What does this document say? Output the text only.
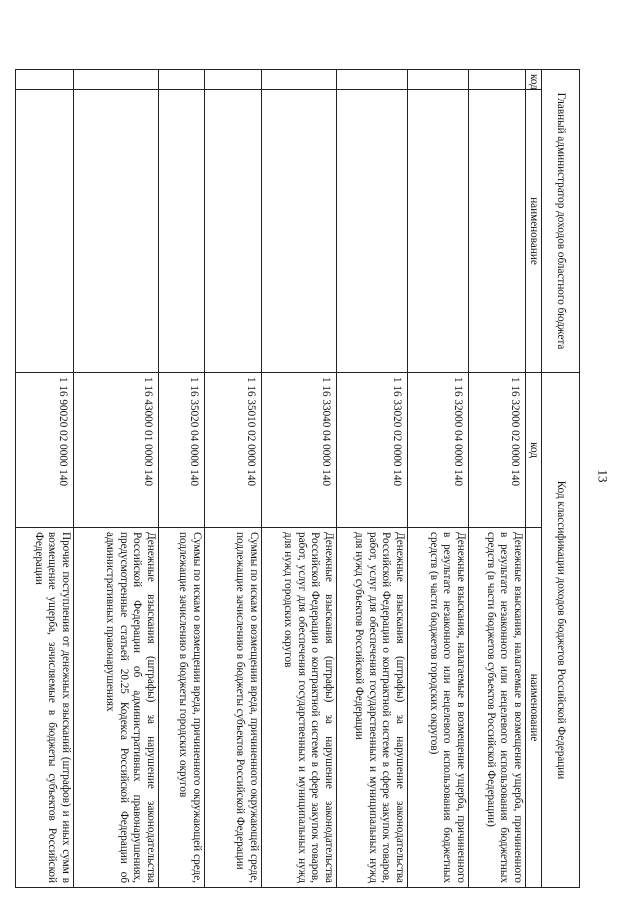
13
Главный администратор доходов областного бюджета		Код классификации доходов бюджетов Российской Федерации	
код	наименование	код	наименование
		1 16 32000 02 0000 140	Денежные взыскания, налагаемые в возмещение ущерба, причиненного в результате незаконного или нецелевого использования бюджетных средств (в части бюджетов субъектов Российской Федерации)
		1 16 32000 04 0000 140	Денежные взыскания, налагаемые в возмещение ущерба, причиненного в результате незаконного или нецелевого использования бюджетных средств (в части бюджетов городских округов)
		1 16 33020 02 0000 140	Денежные взыскания (штрафы) за нарушение законодательства Российской Федерации о контрактной системе в сфере закупок товаров, работ, услуг для обеспечения государственных и муниципальных нужд для нужд субъектов Российской Федерации
		1 16 33040 04 0000 140	Денежные взыскания (штрафы) за нарушение законодательства Российской Федерации о контрактной системе в сфере закупок товаров, работ, услуг для обеспечения государственных и муниципальных нужд для нужд городских округов
		1 16 35010 02 0000 140	Суммы по искам о возмещении вреда, причиненного окружающей среде, подлежащие зачислению в бюджеты субъектов Российской Федерации
		1 16 35020 04 0000 140	Суммы по искам о возмещении вреда, причиненного окружающей среде, подлежащие зачислению в бюджеты городских округов
		1 16 43000 01 0000 140	Денежные взыскания (штрафы) за нарушение законодательства Российской Федерации об административных правонарушениях, предусмотренные статьей 20.25 Кодекса Российской Федерации об административных правонарушениях
		1 16 90020 02 0000 140	Прочие поступления от денежных взысканий (штрафов) и иных сумм в возмещение ущерба, зачисляемые в бюджеты субъектов Российской Федерации
